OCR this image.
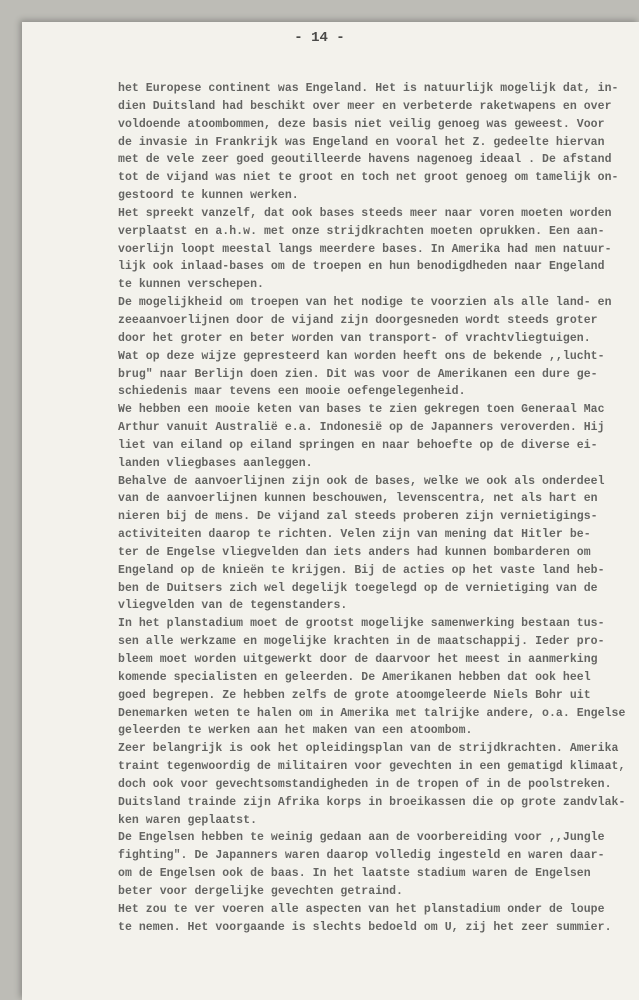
- 14 -
het Europese continent was Engeland. Het is natuurlijk mogelijk dat, in-
dien Duitsland had beschikt over meer en verbeterde raketwapens en over
voldoende atoombommen, deze basis niet veilig genoeg was geweest. Voor
de invasie in Frankrijk was Engeland en vooral het Z. gedeelte hiervan
met de vele zeer goed geoutilleerde havens nagenoeg ideaal . De afstand
tot de vijand was niet te groot en toch net groot genoeg om tamelijk on-
gestoord te kunnen werken.
Het spreekt vanzelf, dat ook bases steeds meer naar voren moeten worden
verplaatst en a.h.w. met onze strijdkrachten moeten oprukken. Een aan-
voerlijn loopt meestal langs meerdere bases. In Amerika had men natuur-
lijk ook inlaad-bases om de troepen en hun benodigdheden naar Engeland
te kunnen verschepen.
De mogelijkheid om troepen van het nodige te voorzien als alle land- en
zeeaanvoerlijnen door de vijand zijn doorgesneden wordt steeds groter
door het groter en beter worden van transport- of vrachtvliegtuigen.
Wat op deze wijze gepresteerd kan worden heeft ons de bekende ,,lucht-
brug" naar Berlijn doen zien. Dit was voor de Amerikanen een dure ge-
schiedenis maar tevens een mooie oefengelegenheid.
We hebben een mooie keten van bases te zien gekregen toen Generaal Mac
Arthur vanuit Australië e.a. Indonesië op de Japanners veroverden. Hij
liet van eiland op eiland springen en naar behoefte op de diverse ei-
landen vliegbases aanleggen.
Behalve de aanvoerlijnen zijn ook de bases, welke we ook als onderdeel
van de aanvoerlijnen kunnen beschouwen, levenscentra, net als hart en
nieren bij de mens. De vijand zal steeds proberen zijn vernietigings-
activiteiten daarop te richten. Velen zijn van mening dat Hitler be-
ter de Engelse vliegvelden dan iets anders had kunnen bombarderen om
Engeland op de knieën te krijgen. Bij de acties op het vaste land heb-
ben de Duitsers zich wel degelijk toegelegd op de vernietiging van de
vliegvelden van de tegenstanders.
In het planstadium moet de grootst mogelijke samenwerking bestaan tus-
sen alle werkzame en mogelijke krachten in de maatschappij. Ieder pro-
bleem moet worden uitgewerkt door de daarvoor het meest in aanmerking
komende specialisten en geleerden. De Amerikanen hebben dat ook heel
goed begrepen. Ze hebben zelfs de grote atoomgeleerde Niels Bohr uit
Denemarken weten te halen om in Amerika met talrijke andere, o.a. Engelse
geleerden te werken aan het maken van een atoombom.
Zeer belangrijk is ook het opleidingsplan van de strijdkrachten. Amerika
traint tegenwoordig de militairen voor gevechten in een gematigd klimaat,
doch ook voor gevechtsomstandigheden in de tropen of in de poolstreken.
Duitsland trainde zijn Afrika korps in broeikassen die op grote zandvlak-
ken waren geplaatst.
De Engelsen hebben te weinig gedaan aan de voorbereiding voor ,,Jungle
fighting". De Japanners waren daarop volledig ingesteld en waren daar-
om de Engelsen ook de baas. In het laatste stadium waren de Engelsen
beter voor dergelijke gevechten getraind.
Het zou te ver voeren alle aspecten van het planstadium onder de loupe
te nemen. Het voorgaande is slechts bedoeld om U, zij het zeer summier.
